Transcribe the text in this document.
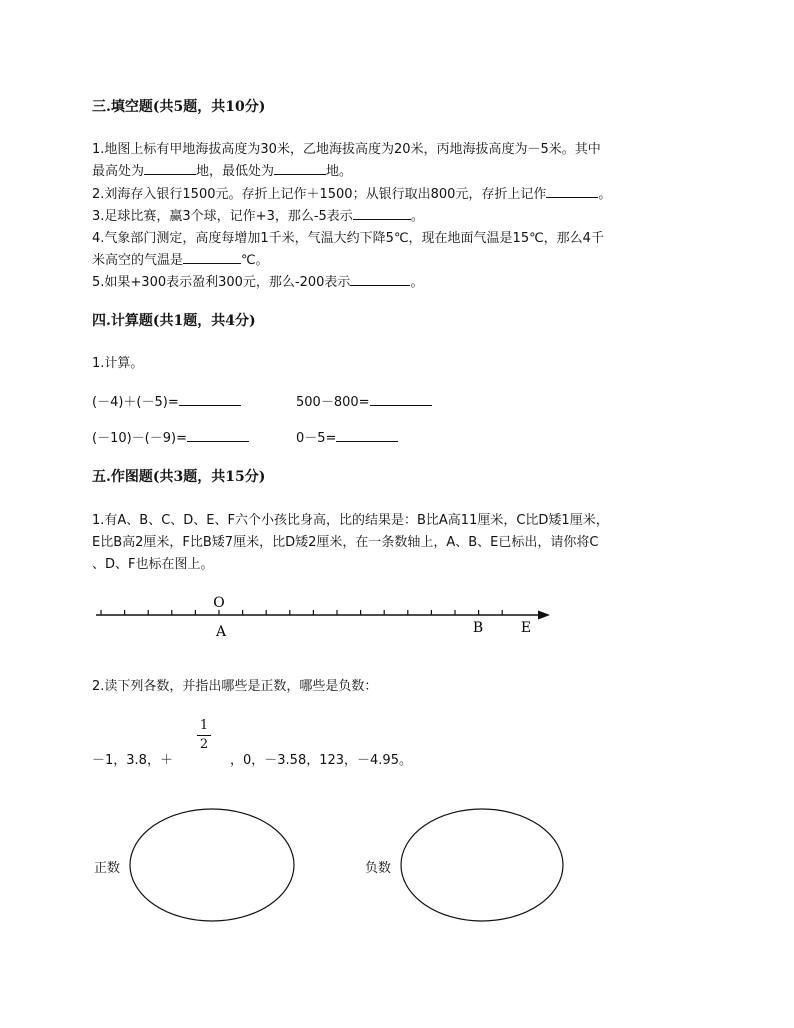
三.填空题(共5题，共10分)
1.地图上标有甲地海拔高度为30米，乙地海拔高度为20米，丙地海拔高度为－5米。其中
最高处为	地，最低处为	地。
2.刘海存入银行1500元。存折上记作＋1500；从银行取出800元，存折上记作	。
3.足球比赛，赢3个球，记作+3，那么-5表示	。
4.气象部门测定，高度每增加1千米，气温大约下降5℃，现在地面气温是15℃，那么4千
米高空的气温是	℃。
5.如果+300表示盈利300元，那么-200表示	。
四.计算题(共1题，共4分)
1.计算。
(－4)＋(－5)=	500－800=
(－10)－(－9)=	0－5=
五.作图题(共3题，共15分)
1.有A、B、C、D、E、F六个小孩比身高，比的结果是：B比A高11厘米，C比D矮1厘米，
E比B高2厘米，F比B矮7厘米，比D矮2厘米，在一条数轴上，A、B、E已标出，请你将C
、D、F也标在图上。
O
A	B	E
2.读下列各数，并指出哪些是正数，哪些是负数：
－1，3.8，＋
1
2
，0，－3.58，123，－4.95。
正数	负数
